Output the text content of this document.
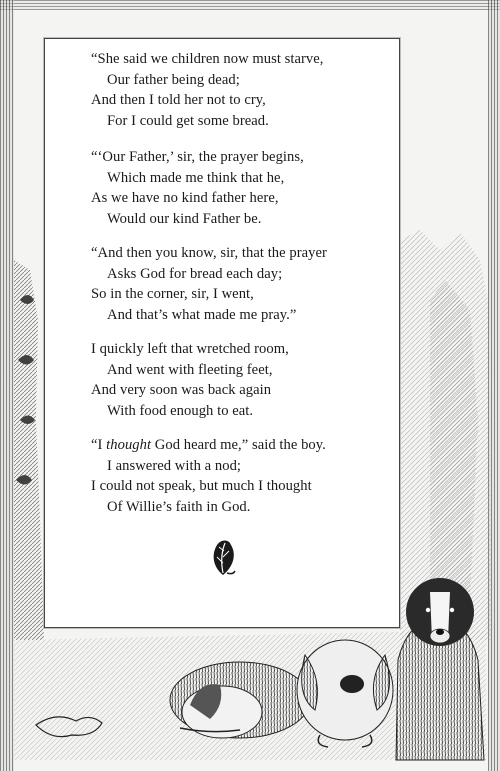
“She said we children now must starve,
Our father being dead;
And then I told her not to cry,
For I could get some bread.
“‘Our Father,’ sir, the prayer begins,
Which made me think that he,
As we have no kind father here,
Would our kind Father be.
“And then you know, sir, that the prayer
Asks God for bread each day;
So in the corner, sir, I went,
And that’s what made me pray.”
I quickly left that wretched room,
And went with fleeting feet,
And very soon was back again
With food enough to eat.
“I thought God heard me,” said the boy.
I answered with a nod;
I could not speak, but much I thought
Of Willie’s faith in God.
